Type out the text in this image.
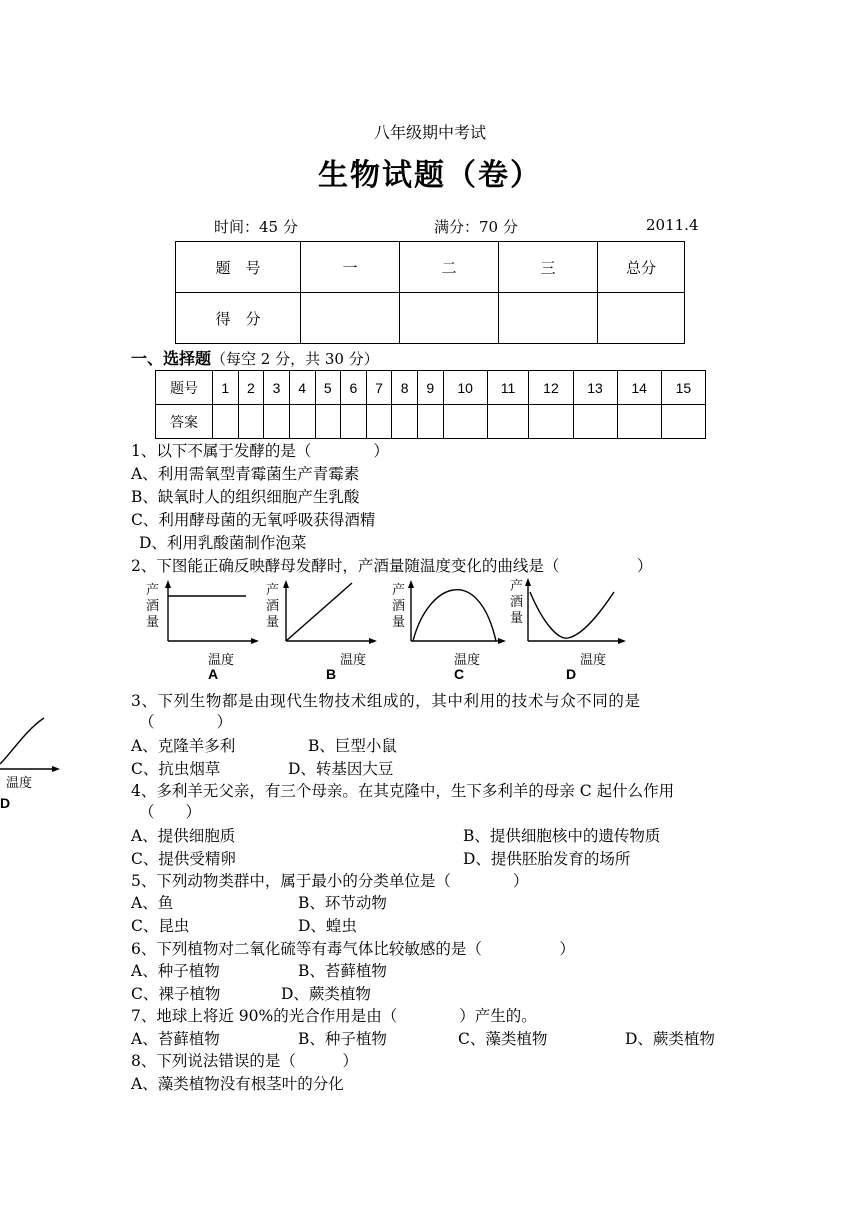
八年级期中考试
生物试题（卷）
时间：45 分	满分：70 分	2011.4
题　号	一	二	三	总分
得　分				
一、选择题（每空 2 分，共 30 分）
题号	1	2	3	4	5	6	7	8	9	10	11	12	13	14	15
答案															
1、以下不属于发酵的是（　　　　）
A、利用需氧型青霉菌生产青霉素
B、缺氧时人的组织细胞产生乳酸
C、利用酵母菌的无氧呼吸获得酒精
D、利用乳酸菌制作泡菜
2、下图能正确反映酵母发酵时，产酒量随温度变化的曲线是（　　　　　）
产
酒
量
温度
A
产
酒
量
温度
B
产
酒
量
温度
C
产
酒
量
温度
D
温度
D
3、下列生物都是由现代生物技术组成的，其中利用的技术与众不同的是
（　　　　）
A、克隆羊多利	B、巨型小鼠
C、抗虫烟草	D、转基因大豆
4、多利羊无父亲，有三个母亲。在其克隆中，生下多利羊的母亲 C 起什么作用
（　　）
A、提供细胞质	B、提供细胞核中的遗传物质
C、提供受精卵	D、提供胚胎发育的场所
5、下列动物类群中，属于最小的分类单位是（　　　　）
A、鱼	B、环节动物
C、昆虫	D、蝗虫
6、下列植物对二氧化硫等有毒气体比较敏感的是（　　　　　）
A、种子植物	B、苔藓植物
C、裸子植物	D、蕨类植物
7、地球上将近 90%的光合作用是由（　　　　）产生的。
A、苔藓植物	B、种子植物	C、藻类植物	D、蕨类植物
8、下列说法错误的是（　　　）
A、藻类植物没有根茎叶的分化
